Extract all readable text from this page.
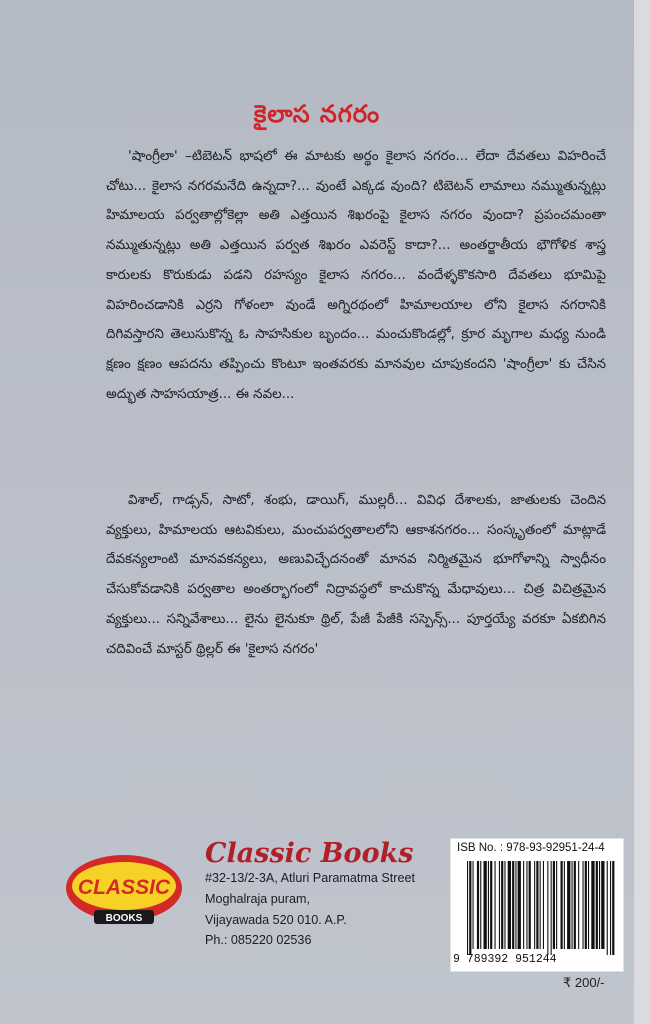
కైలాస నగరం

'షాంగ్రీలా' –టిబెటన్ భాషలో ఈ మాటకు అర్థం కైలాస నగరం... లేదా దేవతలు విహరించే చోటు... కైలాస నగరమనేది ఉన్నదా?... వుంటే ఎక్కడ వుంది? టిబెటన్ లామాలు నమ్ముతున్నట్లు హిమాలయ పర్వతాల్లోకెల్లా అతి ఎత్తయిన శిఖరంపై కైలాస నగరం వుందా? ప్రపంచమంతా నమ్ముతున్నట్లు అతి ఎత్తయిన పర్వత శిఖరం ఎవరెస్ట్ కాదా?... అంతర్జాతీయ భౌగోళిక శాస్త్ర కారులకు కొరుకుడు పడని రహస్యం కైలాస నగరం... వందేళ్ళకొకసారి దేవతలు భూమిపై విహరించడానికి ఎర్రని గోళంలా వుండే అగ్నిరథంలో హిమాలయాల లోని కైలాస నగరానికి దిగివస్తారని తెలుసుకొన్న ఓ సాహసికుల బృందం... మంచుకొండల్లో, క్రూర మృగాల మధ్య నుండి క్షణం క్షణం ఆపదను తప్పించు కొంటూ ఇంతవరకు మానవుల చూపుకందని 'షాంగ్రీలా' కు చేసిన అద్భుత సాహసయాత్ర... ఈ నవల...

విశాల్, గాడ్సన్, సాటో, శంభు, డాయిగ్, ముల్లరీ... వివిధ దేశాలకు, జాతులకు చెందిన వ్యక్తులు, హిమాలయ ఆటవికులు, మంచుపర్వతాలలోని ఆకాశనగరం... సంస్కృతంలో మాట్లాడే దేవకన్యలాంటి మానవకన్యలు, అణువిచ్ఛేదనంతో మానవ నిర్మితమైన భూగోళాన్ని స్వాధీనం చేసుకోవడానికి పర్వతాల అంతర్భాగంలో నిద్రావస్థలో కాచుకొన్న మేధావులు... చిత్ర విచిత్రమైన వ్యక్తులు... సన్నివేశాలు... లైను లైనుకూ థ్రిల్, పేజీ పేజీకి సస్పెన్స్... పూర్తయ్యే వరకూ ఏకబిగిన చదివించే మాస్టర్ థ్రిల్లర్ ఈ 'కైలాస నగరం'

CLASSIC
BOOKS
Classic Books
#32-13/2-3A, Atluri Paramatma Street
Moghalraja puram,
Vijayawada 520 010. A.P.
Ph.: 085220 02536
ISB No. : 978-93-92951-24-4
9 789392 951244
₹ 200/-
